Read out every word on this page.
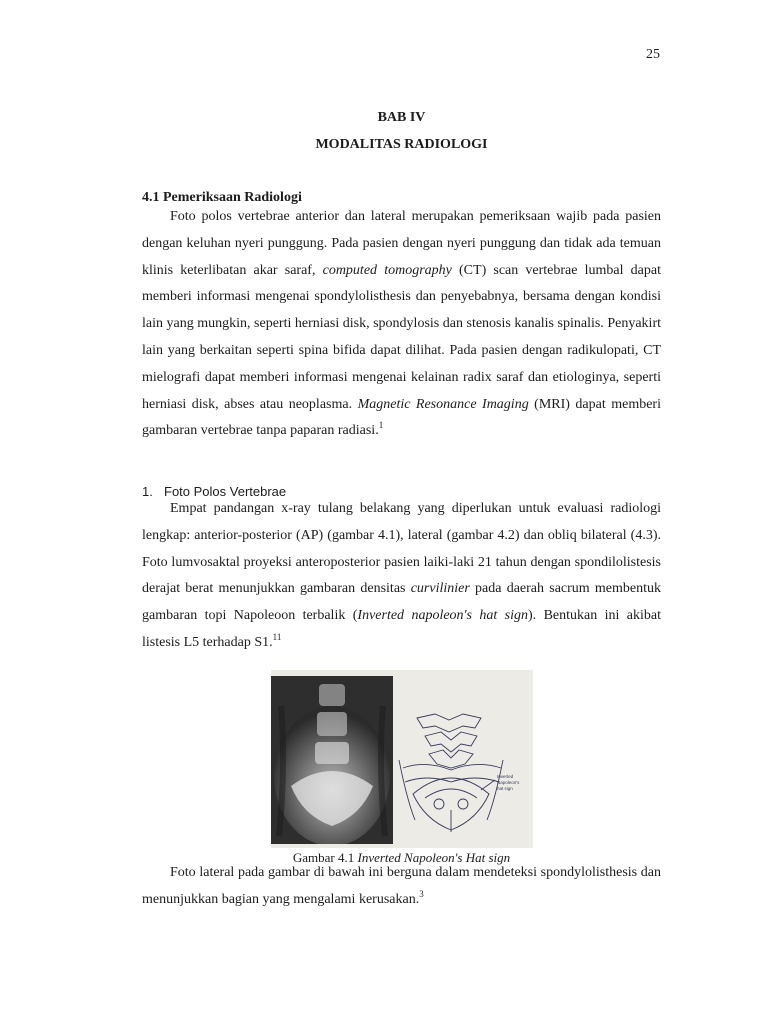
25
BAB IV
MODALITAS RADIOLOGI
4.1 Pemeriksaan Radiologi

Foto polos vertebrae anterior dan lateral merupakan pemeriksaan wajib pada pasien dengan keluhan nyeri punggung. Pada pasien dengan nyeri punggung dan tidak ada temuan klinis keterlibatan akar saraf, computed tomography (CT) scan vertebrae lumbal dapat memberi informasi mengenai spondylolisthesis dan penyebabnya, bersama dengan kondisi lain yang mungkin, seperti herniasi disk, spondylosis dan stenosis kanalis spinalis. Penyakirt lain yang berkaitan seperti spina bifida dapat dilihat. Pada pasien dengan radikulopati, CT mielografi dapat memberi informasi mengenai kelainan radix saraf dan etiologinya, seperti herniasi disk, abses atau neoplasma. Magnetic Resonance Imaging (MRI) dapat memberi gambaran vertebrae tanpa paparan radiasi.$^1$

1. Foto Polos Vertebrae

Empat pandangan x-ray tulang belakang yang diperlukan untuk evaluasi radiologi lengkap: anterior-posterior (AP) (gambar 4.1), lateral (gambar 4.2) dan obliq bilateral (4.3). Foto lumvosaktal proyeksi anteroposterior pasien laiki-laki 21 tahun dengan spondilolistesis derajat berat menunjukkan gambaran densitas curvilinier pada daerah sacrum membentuk gambaran topi Napoleoon terbalik (Inverted napoleon's hat sign). Bentukan ini akibat listesis L5 terhadap S1.11

Inverted
Napoleon's
hat sign
Gambar 4.1 Inverted Napoleon's Hat sign

Foto lateral pada gambar di bawah ini berguna dalam mendeteksi spondylolisthesis dan menunjukkan bagian yang mengalami kerusakan.$^3$
